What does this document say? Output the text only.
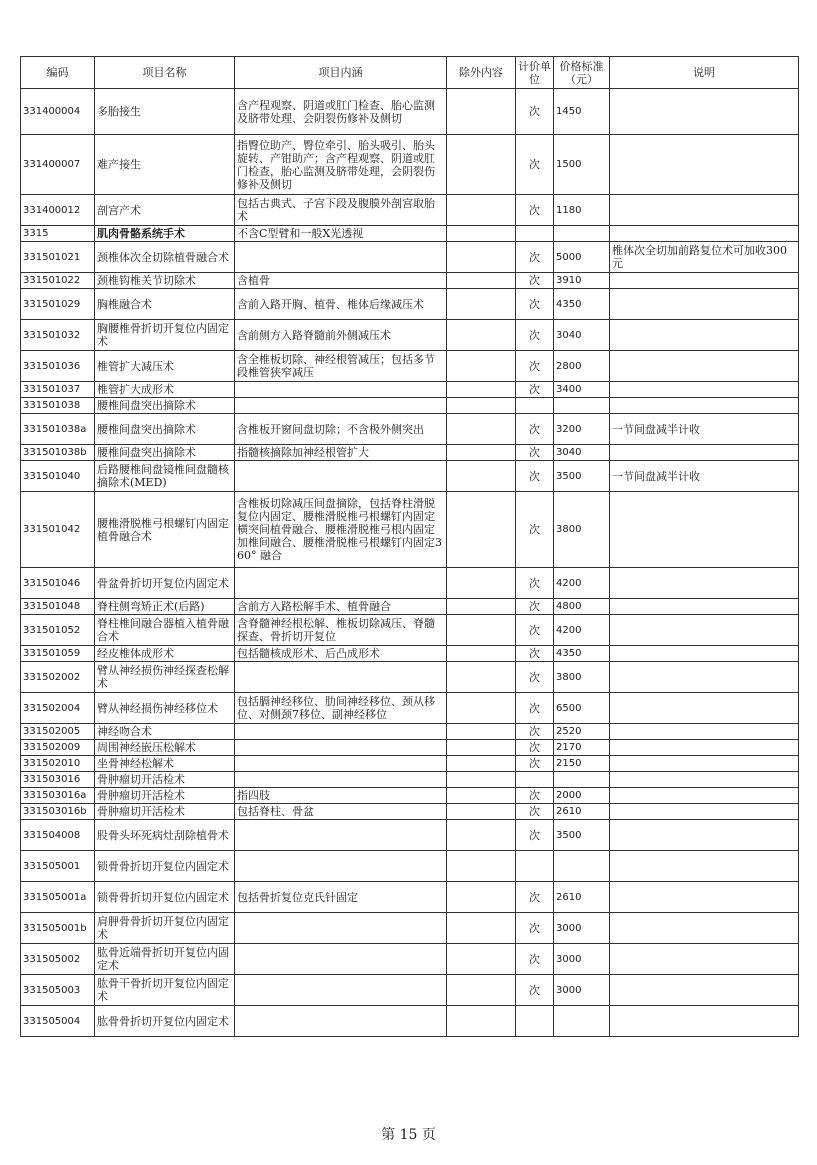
编码	项目名称	项目内涵	除外内容	计价单位	价格标准（元）	说明
331400004	多胎接生	含产程观察、阴道或肛门检查、胎心监测及脐带处理、会阴裂伤修补及侧切		次	1450	
331400007	难产接生	指臀位助产、臀位牵引、胎头吸引、胎头旋转、产钳助产；含产程观察、阴道或肛门检查，胎心监测及脐带处理，会阴裂伤修补及侧切		次	1500	
331400012	剖宫产术	包括古典式、子宫下段及腹膜外剖宫取胎术		次	1180	
3315	肌肉骨骼系统手术	不含C型臂和一般X光透视				
331501021	颈椎体次全切除植骨融合术			次	5000	椎体次全切加前路复位术可加收300元
331501022	颈椎钩椎关节切除术	含植骨		次	3910	
331501029	胸椎融合术	含前入路开胸、植骨、椎体后缘减压术		次	4350	
331501032	胸腰椎骨折切开复位内固定术	含前侧方入路脊髓前外侧减压术		次	3040	
331501036	椎管扩大减压术	含全椎板切除、神经根管减压；包括多节段椎管狭窄减压		次	2800	
331501037	椎管扩大成形术			次	3400	
331501038	腰椎间盘突出摘除术					
331501038a	腰椎间盘突出摘除术	含椎板开窗间盘切除；不含极外侧突出		次	3200	一节间盘减半计收
331501038b	腰椎间盘突出摘除术	指髓核摘除加神经根管扩大		次	3040	
331501040	后路腰椎间盘镜椎间盘髓核摘除术(MED)			次	3500	一节间盘减半计收
331501042	腰椎滑脱椎弓根螺钉内固定植骨融合术	含椎板切除减压间盘摘除，包括脊柱滑脱复位内固定、腰椎滑脱椎弓根螺钉内固定横突间植骨融合、腰椎滑脱椎弓根内固定加椎间融合、腰椎滑脱椎弓根螺钉内固定360° 融合		次	3800	
331501046	骨盆骨折切开复位内固定术			次	4200	
331501048	脊柱侧弯矫正术(后路)	含前方入路松解手术、植骨融合		次	4800	
331501052	脊柱椎间融合器植入植骨融合术	含脊髓神经根松解、椎板切除减压、脊髓探查、骨折切开复位		次	4200	
331501059	经皮椎体成形术	包括髓核成形术、后凸成形术		次	4350	
331502002	臂从神经损伤神经探查松解术			次	3800	
331502004	臂从神经损伤神经移位术	包括膈神经移位、肋间神经移位、颈从移位、对侧颈7移位、副神经移位		次	6500	
331502005	神经吻合术			次	2520	
331502009	周围神经嵌压松解术			次	2170	
331502010	坐骨神经松解术			次	2150	
331503016	骨肿瘤切开活检术					
331503016a	骨肿瘤切开活检术	指四肢		次	2000	
331503016b	骨肿瘤切开活检术	包括脊柱、骨盆		次	2610	
331504008	股骨头坏死病灶刮除植骨术			次	3500	
331505001	锁骨骨折切开复位内固定术					
331505001a	锁骨骨折切开复位内固定术	包括骨折复位克氏针固定		次	2610	
331505001b	肩胛骨骨折切开复位内固定术			次	3000	
331505002	肱骨近端骨折切开复位内固定术			次	3000	
331505003	肱骨干骨折切开复位内固定术			次	3000	
331505004	肱骨骨折切开复位内固定术					
第 15 页
